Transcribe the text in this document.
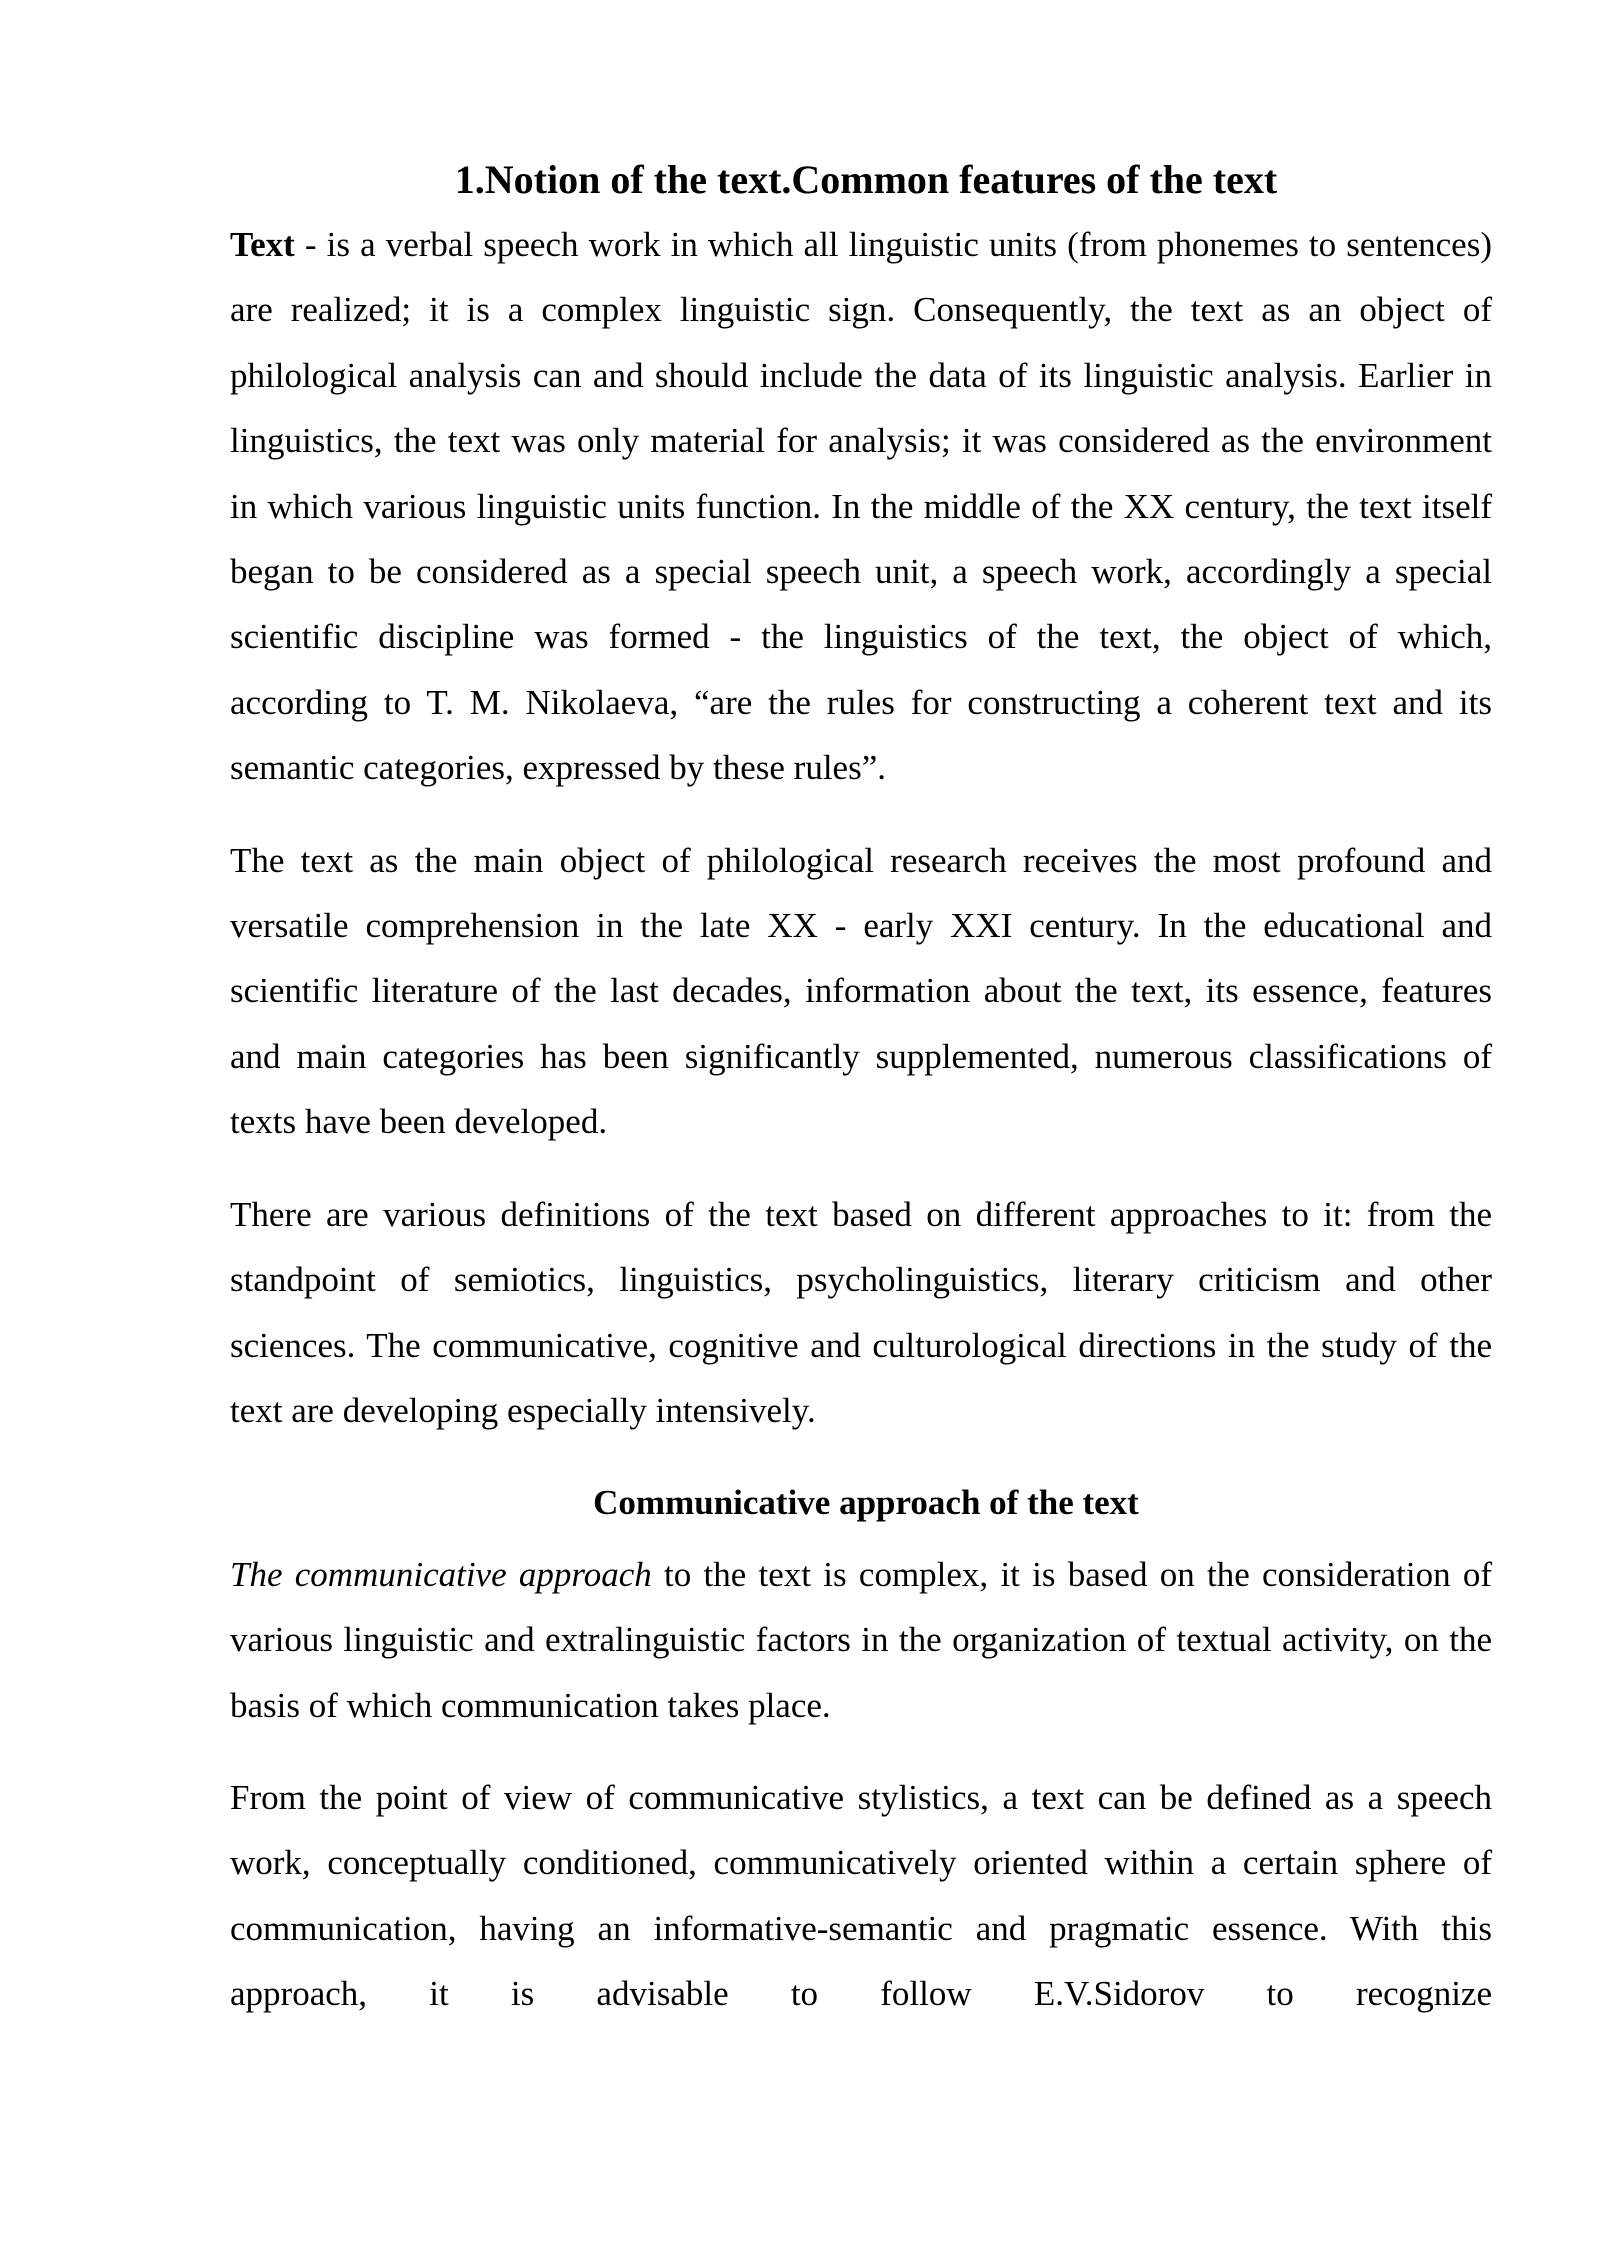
1.Notion of the text.Common features of the text

Text - is a verbal speech work in which all linguistic units (from phonemes to sentences) are realized; it is a complex linguistic sign. Consequently, the text as an object of philological analysis can and should include the data of its linguistic analysis. Earlier in linguistics, the text was only material for analysis; it was considered as the environment in which various linguistic units function. In the middle of the XX century, the text itself began to be considered as a special speech unit, a speech work, accordingly a special scientific discipline was formed - the linguistics of the text, the object of which, according to T. M. Nikolaeva, “are the rules for constructing a coherent text and its semantic categories, expressed by these rules”.

The text as the main object of philological research receives the most profound and versatile comprehension in the late XX - early XXI century. In the educational and scientific literature of the last decades, information about the text, its essence, features and main categories has been significantly supplemented, numerous classifications of texts have been developed.

There are various definitions of the text based on different approaches to it: from the standpoint of semiotics, linguistics, psycholinguistics, literary criticism and other sciences. The communicative, cognitive and culturological directions in the study of the text are developing especially intensively.

Communicative approach of the text

The communicative approach to the text is complex, it is based on the consideration of various linguistic and extralinguistic factors in the organization of textual activity, on the basis of which communication takes place.

From the point of view of communicative stylistics, a text can be defined as a speech work, conceptually conditioned, communicatively oriented within a certain sphere of communication, having an informative-semantic and pragmatic essence. With this approach, it is advisable to follow E.V.Sidorov to recognize
